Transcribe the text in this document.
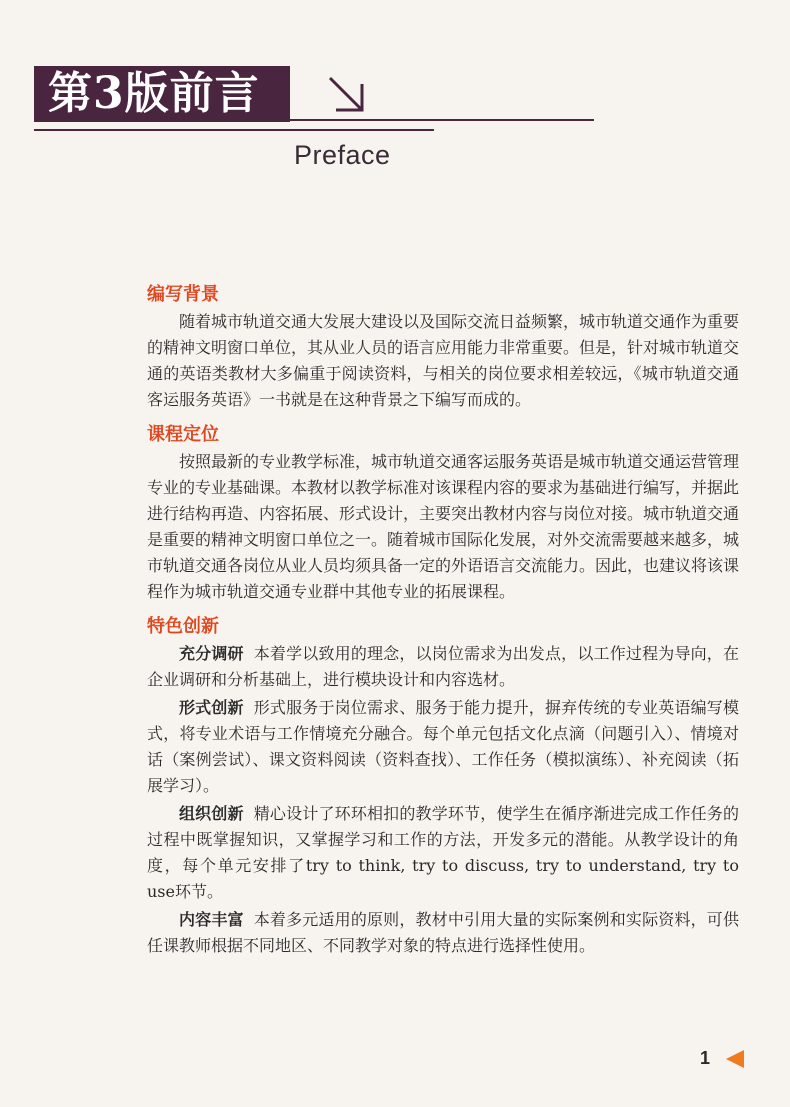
第3版前言
Preface
编写背景

随着城市轨道交通大发展大建设以及国际交流日益频繁，城市轨道交通作为重要的精神文明窗口单位，其从业人员的语言应用能力非常重要。但是，针对城市轨道交通的英语类教材大多偏重于阅读资料，与相关的岗位要求相差较远，《城市轨道交通客运服务英语》一书就是在这种背景之下编写而成的。

课程定位

按照最新的专业教学标准，城市轨道交通客运服务英语是城市轨道交通运营管理专业的专业基础课。本教材以教学标准对该课程内容的要求为基础进行编写，并据此进行结构再造、内容拓展、形式设计，主要突出教材内容与岗位对接。城市轨道交通是重要的精神文明窗口单位之一。随着城市国际化发展，对外交流需要越来越多，城市轨道交通各岗位从业人员均须具备一定的外语语言交流能力。因此，也建议将该课程作为城市轨道交通专业群中其他专业的拓展课程。

特色创新

充分调研 本着学以致用的理念，以岗位需求为出发点，以工作过程为导向，在企业调研和分析基础上，进行模块设计和内容选材。

形式创新 形式服务于岗位需求、服务于能力提升，摒弃传统的专业英语编写模式，将专业术语与工作情境充分融合。每个单元包括文化点滴（问题引入）、情境对话（案例尝试）、课文资料阅读（资料查找）、工作任务（模拟演练）、补充阅读（拓展学习）。

组织创新 精心设计了环环相扣的教学环节，使学生在循序渐进完成工作任务的过程中既掌握知识，又掌握学习和工作的方法，开发多元的潜能。从教学设计的角度，每个单元安排了try to think, try to discuss, try to understand, try to use环节。

内容丰富 本着多元适用的原则，教材中引用大量的实际案例和实际资料，可供任课教师根据不同地区、不同教学对象的特点进行选择性使用。

1
